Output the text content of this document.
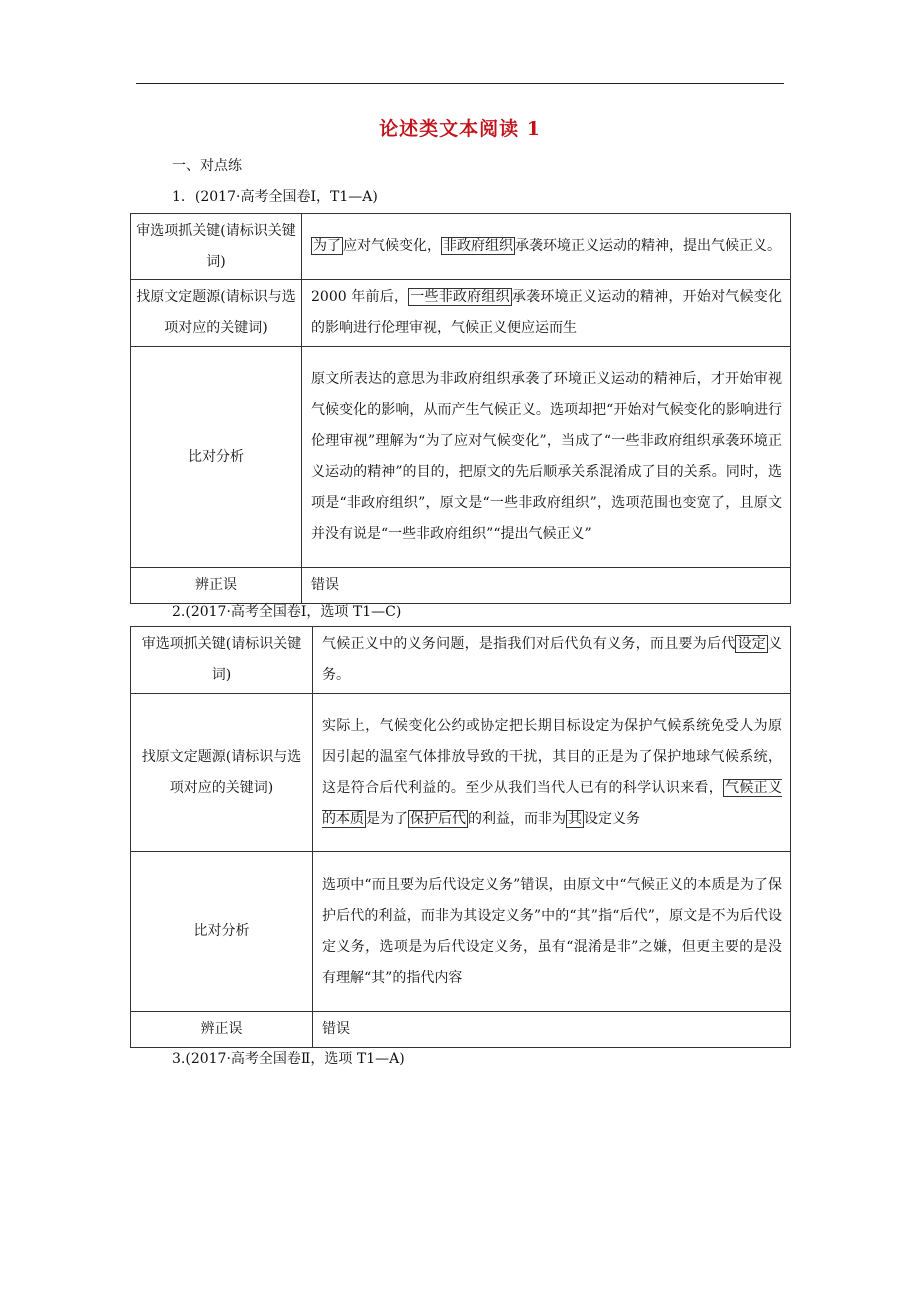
论述类文本阅读 1
一、对点练
1．(2017·高考全国卷Ⅰ，T1—A)
审选项抓关键(请标识关键词)	为了 应对气候变化， 非政府组织 承袭环境正义运动的精神，提出气候正义。
找原文定题源(请标识与选项对应的关键词)	2000 年前后， 一些非政府组织 承袭环境正义运动的精神，开始对气候变化的影响进行伦理审视，气候正义便应运而生
比对分析	原文所表达的意思为非政府组织承袭了环境正义运动的精神后，才开始审视气候变化的影响，从而产生气候正义。选项却把“开始对气候变化的影响进行伦理审视”理解为“为了应对气候变化”，当成了“一些非政府组织承袭环境正义运动的精神”的目的，把原文的先后顺承关系混淆成了目的关系。同时，选项是“非政府组织”，原文是“一些非政府组织”，选项范围也变宽了，且原文并没有说是“一些非政府组织”“提出气候正义”
辨正误	错误
2.(2017·高考全国卷Ⅰ，选项 T1—C)
审选项抓关键(请标识关键词)	气候正义中的义务问题，是指我们对后代负有义务，而且要为后代 设定 义务。
找原文定题源(请标识与选项对应的关键词)	实际上，气候变化公约或协定把长期目标设定为保护气候系统免受人为原因引起的温室气体排放导致的干扰，其目的正是为了保护地球气候系统，这是符合后代利益的。至少从我们当代人已有的科学认识来看， 气候正义的本质 是为了 保护后代 的利益，而非为 其 设定义务
比对分析	选项中“而且要为后代设定义务”错误，由原文中“气候正义的本质是为了保护后代的利益，而非为其设定义务”中的“其”指“后代”，原文是不为后代设定义务，选项是为后代设定义务，虽有“混淆是非”之嫌，但更主要的是没有理解“其”的指代内容
辨正误	错误
3.(2017·高考全国卷Ⅱ，选项 T1—A)
